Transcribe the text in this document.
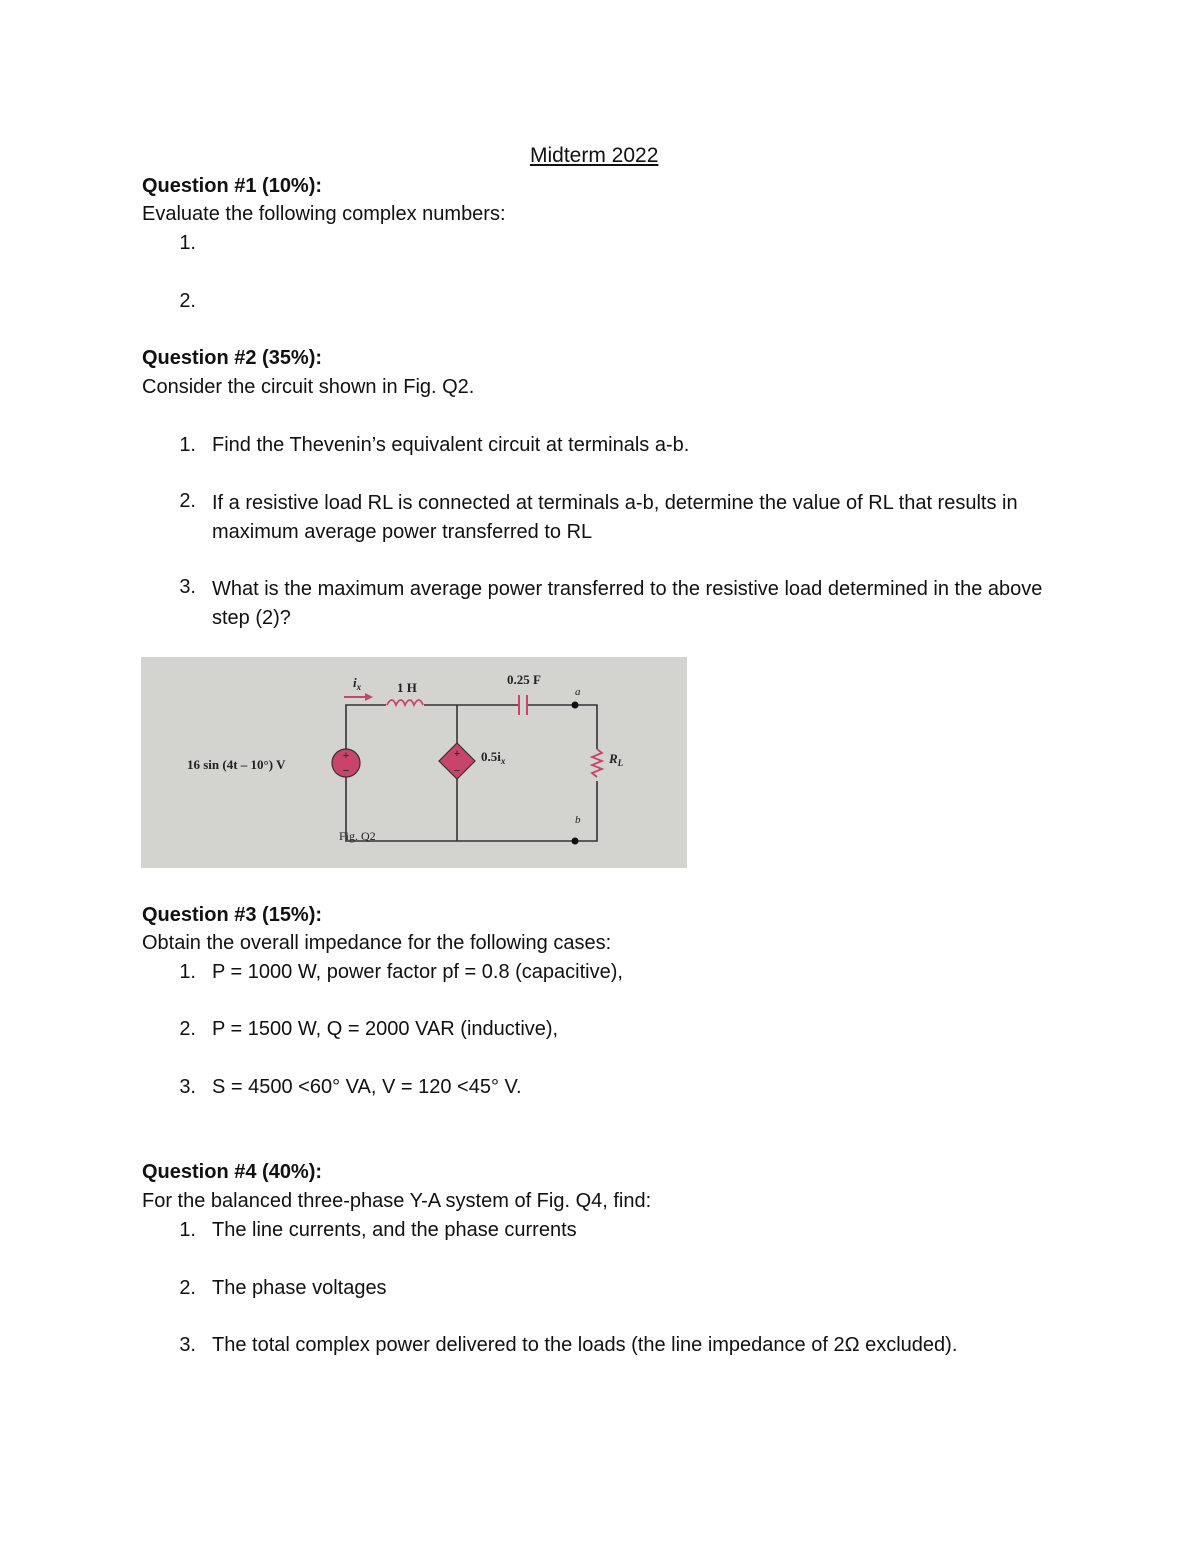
Midterm 2022
Question #1 (10%):
Evaluate the following complex numbers:
1.
2.
Question #2 (35%):
Consider the circuit shown in Fig. Q2.
1. Find the Thevenin’s equivalent circuit at terminals a-b.
2. If a resistive load RL is connected at terminals a-b, determine the value of RL that results in maximum average power transferred to RL
3. What is the maximum average power transferred to the resistive load determined in the above step (2)?
+
−
+
−
16 sin (4t – 10°) V
$i_x$	1 H
0.25 F
$0.5i_x$
a
b
$R_L$
Fig. Q2
Question #3 (15%):
Obtain the overall impedance for the following cases:
1. P = 1000 W, power factor pf = 0.8 (capacitive),
2. P = 1500 W, Q = 2000 VAR (inductive),
3. S = 4500 <60° VA, V = 120 <45° V.
Question #4 (40%):
For the balanced three-phase Y-A system of Fig. Q4, find:
1. The line currents, and the phase currents
2. The phase voltages
3. The total complex power delivered to the loads (the line impedance of 2Ω excluded).
